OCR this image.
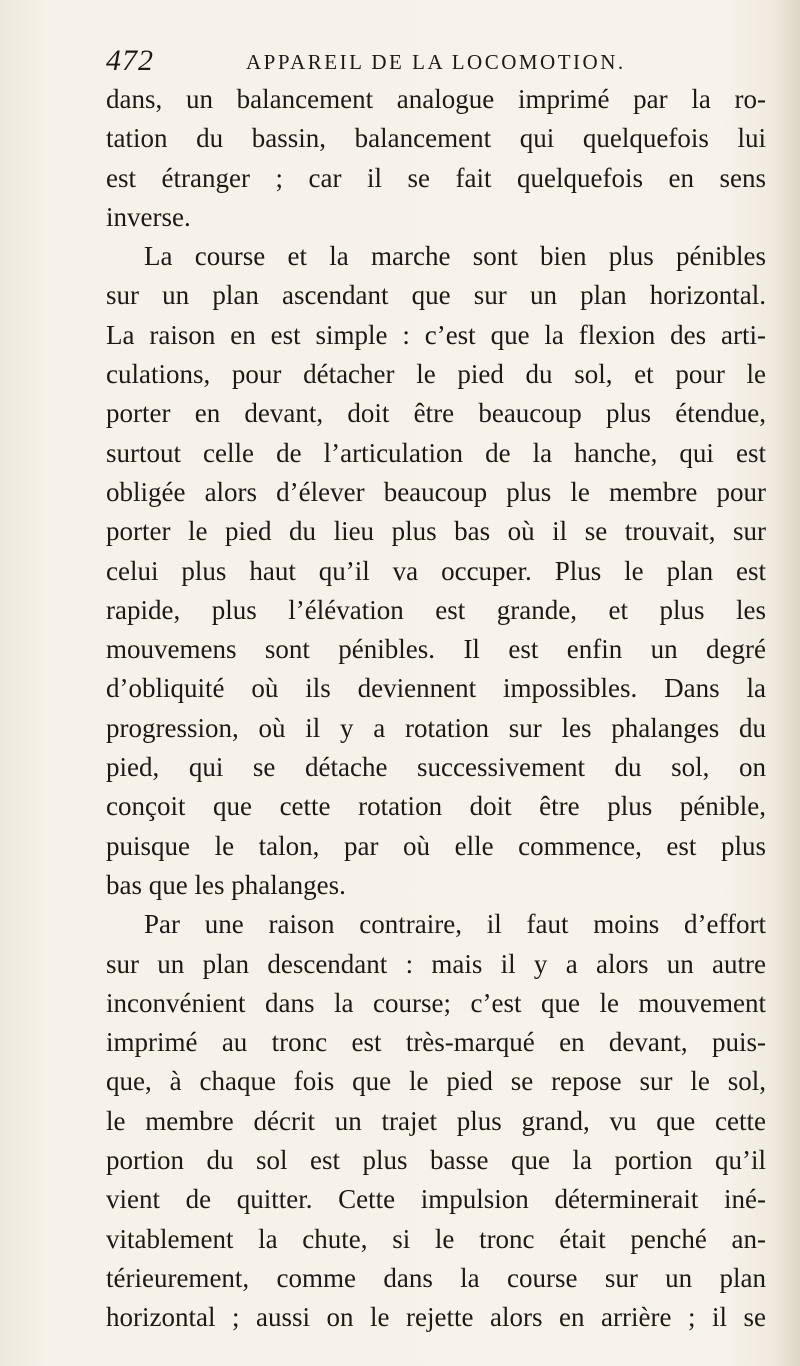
472	APPAREIL DE LA LOCOMOTION.
dans, un balancement analogue imprimé par la ro-
tation du bassin, balancement qui quelquefois lui
est étranger ; car il se fait quelquefois en sens
inverse.
La course et la marche sont bien plus pénibles
sur un plan ascendant que sur un plan horizontal.
La raison en est simple : c’est que la flexion des arti-
culations, pour détacher le pied du sol, et pour le
porter en devant, doit être beaucoup plus étendue,
surtout celle de l’articulation de la hanche, qui est
obligée alors d’élever beaucoup plus le membre pour
porter le pied du lieu plus bas où il se trouvait, sur
celui plus haut qu’il va occuper. Plus le plan est
rapide, plus l’élévation est grande, et plus les
mouvemens sont pénibles. Il est enfin un degré
d’obliquité où ils deviennent impossibles. Dans la
progression, où il y a rotation sur les phalanges du
pied, qui se détache successivement du sol, on
conçoit que cette rotation doit être plus pénible,
puisque le talon, par où elle commence, est plus
bas que les phalanges.
Par une raison contraire, il faut moins d’effort
sur un plan descendant : mais il y a alors un autre
inconvénient dans la course; c’est que le mouvement
imprimé au tronc est très-marqué en devant, puis-
que, à chaque fois que le pied se repose sur le sol,
le membre décrit un trajet plus grand, vu que cette
portion du sol est plus basse que la portion qu’il
vient de quitter. Cette impulsion déterminerait iné-
vitablement la chute, si le tronc était penché an-
térieurement, comme dans la course sur un plan
horizontal ; aussi on le rejette alors en arrière ; il se
